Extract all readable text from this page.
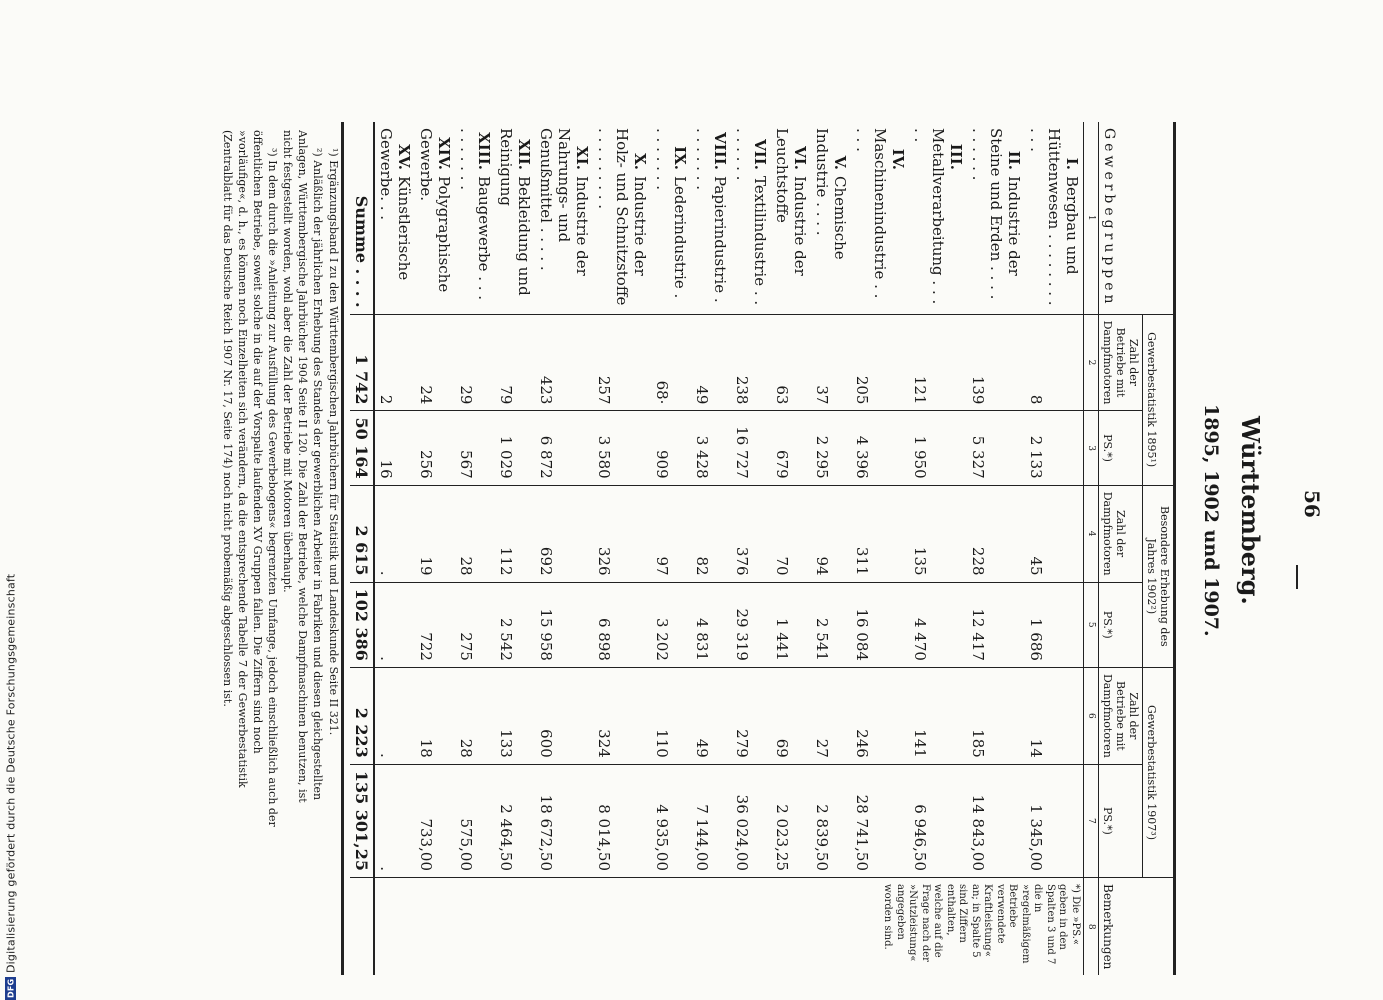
DFG
Digitalisierung gefördert durch die Deutsche Forschungsgemeinschaft
56
Württemberg.
1895, 1902 und 1907.
Gewerbegruppen	Gewerbestatistik 1895¹)		Besondere Erhebung des Jahres 1902²)		Gewerbestatistik 1907³)		Bemerkungen
	Zahl der Betriebe mit Dampfmotoren	PS.*)	Zahl der Dampfmotoren	PS.*)	Zahl der Betriebe mit Dampfmotoren	PS.*)	
1	2	3	4	5	6	7	8
I.Bergbau und Hüttenwesen . . . . . . . . . . .	8	2 133	45	1 686	14	1 345,00	*) Die »PS.« geben in den Spalten 3 und 7 die in »regelmäßigem Betriebe verwendete Kraftleistung« an; in Spalte 5 sind Ziffern enthalten, welche auf die Frage nach der »Nutzleistung« angegeben worden sind.
II.Industrie der Steine und Erden . . . . . . . . . .	139	5 327	228	12 417	185	14 843,00	
III.Metallverarbeitung . . . . .	121	1 950	135	4 470	141	6 946,50	
IV.Maschinenindustrie . . . . .	205	4 396	311	16 084	246	28 741,50	
V.Chemische Industrie . . . .	37	2 295	94	2 541	27	2 839,50	
VI.Industrie der Leuchtstoffe	63	679	70	1 441	69	2 023,25	
VII.Textilindustrie . . . . . . . .	238	16 727	376	29 319	279	36 024,00	
VIII.Papierindustrie . . . . . . . .	49	3 428	82	4 831	49	7 144,00	
IX.Lederindustrie . . . . . . . .	68·	909	97	3 202	110	4 935,00	
X.Industrie der Holz- und Schnitzstoffe . . . . . . . . .	257	3 580	326	6 898	324	8 014,50	
XI.Industrie der Nahrungs- und Genußmittel . . . . .	423	6 872	692	15 958	600	18 672,50	
XII.Bekleidung und Reinigung	79	1 029	112	2 542	133	2 464,50	
XIII.Baugewerbe . . . . . . . . . .	29	567	28	275	28	575,00	
XIV.Polygraphische Gewerbe.	24	256	19	722	18	733,00	
XV.Künstlerische Gewerbe. . .	2	16	.	.	.	.	
Summe . . . .	1 742	50 164	2 615	102 386	2 223	135 301,25	

¹) Ergänzungsband I zu den Württembergischen Jahrbüchern für Statistik und Landeskunde Seite II 321.

²) Anläßlich der jährlichen Erhebung des Standes der gewerblichen Arbeiter in Fabriken und diesen gleichgestellten Anlagen, Württembergische Jahrbücher 1904 Seite II 120. Die Zahl der Betriebe, welche Dampfmaschinen benutzen, ist nicht festgestellt worden, wohl aber die Zahl der Betriebe mit Motoren überhaupt.

³) In dem durch die »Anleitung zur Ausfüllung des Gewerbebogens« begrenzten Umfange, jedoch einschließlich auch der öffentlichen Betriebe, soweit solche in die auf der Vorspalte laufenden XV Gruppen fallen. Die Ziffern sind noch »vorläufige«, d. h., es können noch Einzelheiten sich verändern, da die entsprechende Tabelle 7 der Gewerbestatistik (Zentralblatt für das Deutsche Reich 1907 Nr. 17, Seite 174) noch nicht probemäßig abgeschlossen ist.
